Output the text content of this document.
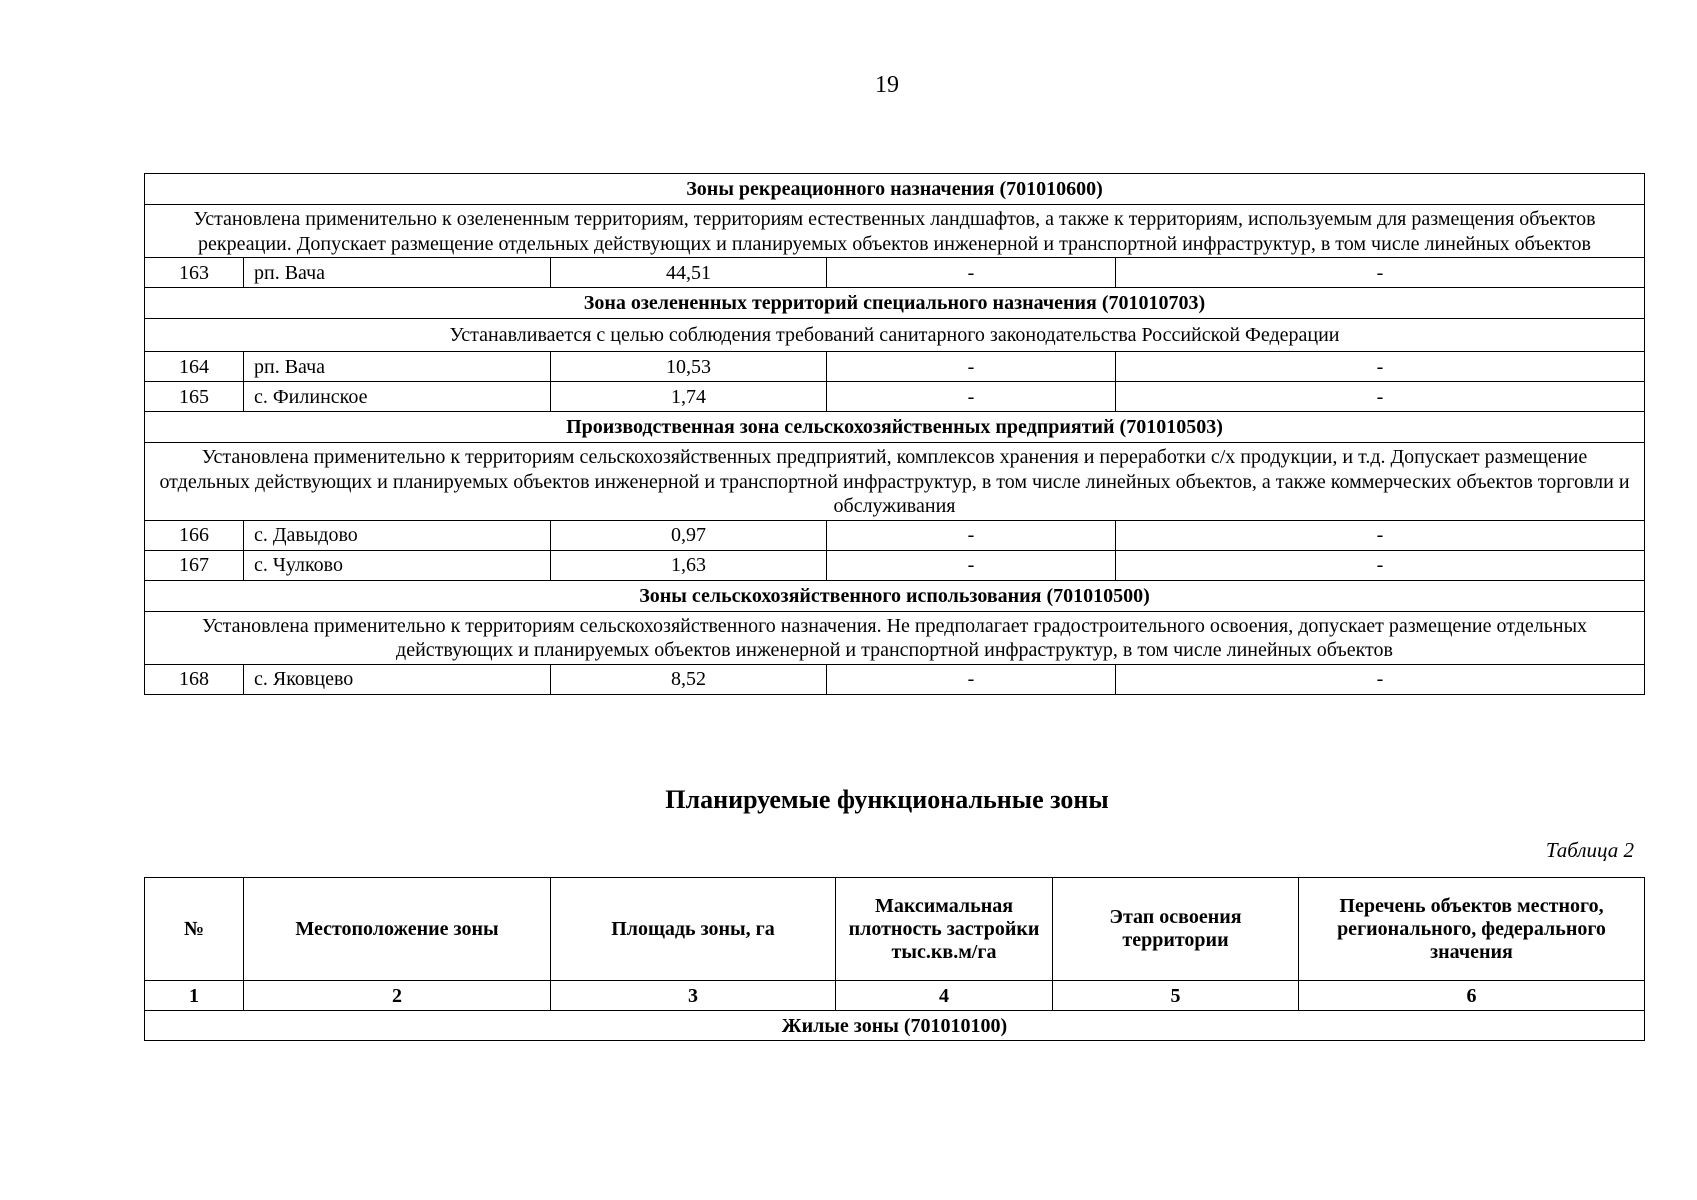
19
Зоны рекреационного назначения (701010600)				
Установлена применительно к озелененным территориям, территориям естественных ландшафтов, а также к территориям, используемым для размещения объектов рекреации. Допускает размещение отдельных действующих и планируемых объектов инженерной и транспортной инфраструктур, в том числе линейных объектов				
163	рп. Вача	44,51	-	-
Зона озелененных территорий специального назначения (701010703)				
Устанавливается с целью соблюдения требований санитарного законодательства Российской Федерации				
164	рп. Вача	10,53	-	-
165	с. Филинское	1,74	-	-
Производственная зона сельскохозяйственных предприятий (701010503)				
Установлена применительно к территориям сельскохозяйственных предприятий, комплексов хранения и переработки с/х продукции, и т.д. Допускает размещение отдельных действующих и планируемых объектов инженерной и транспортной инфраструктур, в том числе линейных объектов, а также коммерческих объектов торговли и обслуживания				
166	с. Давыдово	0,97	-	-
167	с. Чулково	1,63	-	-
Зоны сельскохозяйственного использования (701010500)				
Установлена применительно к территориям сельскохозяйственного назначения. Не предполагает градостроительного освоения, допускает размещение отдельных действующих и планируемых объектов инженерной и транспортной инфраструктур, в том числе линейных объектов				
168	с. Яковцево	8,52	-	-
Планируемые функциональные зоны
Таблица 2
№	Местоположение зоны	Площадь зоны, га	Максимальная плотность застройки тыс.кв.м/га	Этап освоения территории	Перечень объектов местного, регионального, федерального значения
1	2	3	4	5	6
Жилые зоны (701010100)					
